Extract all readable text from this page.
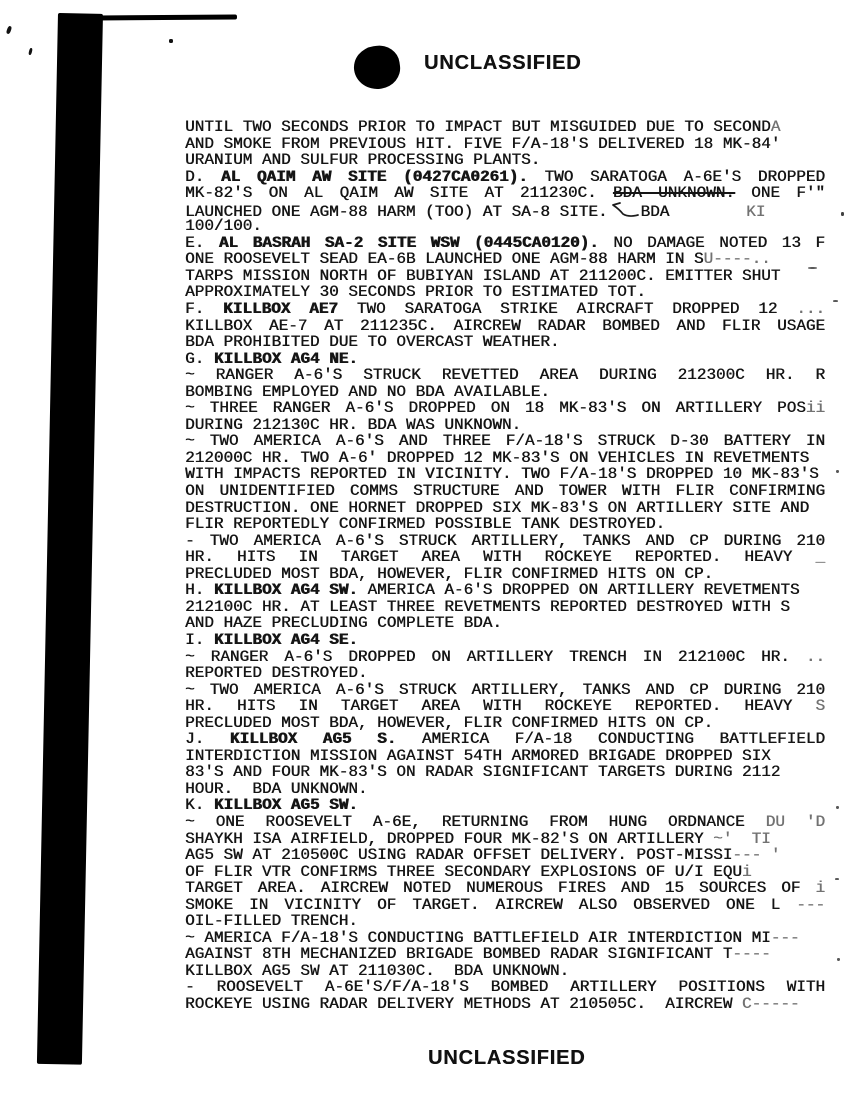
UNCLASSIFIED
UNTIL TWO SECONDS PRIOR TO IMPACT BUT MISGUIDED DUE TO SECONDA
AND SMOKE FROM PREVIOUS HIT. FIVE F/A-18'S DELIVERED 18 MK-84'
URANIUM AND SULFUR PROCESSING PLANTS.
D. AL QAIM AW SITE (0427CA0261). TWO SARATOGA A-6E'S DROPPED
MK-82'S ON AL QAIM AW SITE AT 211230C. BDA UNKNOWN. ONE F'"
LAUNCHED ONE AGM-88 HARM (TOO) AT SA-8 SITE. BDA        KI
100/100.
E. AL BASRAH SA-2 SITE WSW (0445CA0120). NO DAMAGE NOTED 13 F
ONE ROOSEVELT SEAD EA-6B LAUNCHED ONE AGM-88 HARM IN SU----..
TARPS MISSION NORTH OF BUBIYAN ISLAND AT 211200C. EMITTER SHUT
APPROXIMATELY 30 SECONDS PRIOR TO ESTIMATED TOT.
F. KILLBOX AE7 TWO SARATOGA STRIKE AIRCRAFT DROPPED 12 ...
KILLBOX AE-7 AT 211235C. AIRCREW RADAR BOMBED AND FLIR USAGE
BDA PROHIBITED DUE TO OVERCAST WEATHER.
G. KILLBOX AG4 NE.
~ RANGER A-6'S STRUCK REVETTED AREA DURING 212300C HR. R
BOMBING EMPLOYED AND NO BDA AVAILABLE.
~ THREE RANGER A-6'S DROPPED ON 18 MK-83'S ON ARTILLERY POSii
DURING 212130C HR. BDA WAS UNKNOWN.
~ TWO AMERICA A-6'S AND THREE F/A-18'S STRUCK D-30 BATTERY IN
212000C HR. TWO A-6' DROPPED 12 MK-83'S ON VEHICLES IN REVETMENTS
WITH IMPACTS REPORTED IN VICINITY. TWO F/A-18'S DROPPED 10 MK-83'S
ON UNIDENTIFIED COMMS STRUCTURE AND TOWER WITH FLIR CONFIRMING
DESTRUCTION. ONE HORNET DROPPED SIX MK-83'S ON ARTILLERY SITE AND
FLIR REPORTEDLY CONFIRMED POSSIBLE TANK DESTROYED.
- TWO AMERICA A-6'S STRUCK ARTILLERY, TANKS AND CP DURING 210
HR. HITS IN TARGET AREA WITH ROCKEYE REPORTED. HEAVY _
PRECLUDED MOST BDA, HOWEVER, FLIR CONFIRMED HITS ON CP.
H. KILLBOX AG4 SW. AMERICA A-6'S DROPPED ON ARTILLERY REVETMENTS
212100C HR. AT LEAST THREE REVETMENTS REPORTED DESTROYED WITH S
AND HAZE PRECLUDING COMPLETE BDA.
I. KILLBOX AG4 SE.
~ RANGER A-6'S DROPPED ON ARTILLERY TRENCH IN 212100C HR. ..
REPORTED DESTROYED.
~ TWO AMERICA A-6'S STRUCK ARTILLERY, TANKS AND CP DURING 210
HR. HITS IN TARGET AREA WITH ROCKEYE REPORTED. HEAVY S
PRECLUDED MOST BDA, HOWEVER, FLIR CONFIRMED HITS ON CP.
J. KILLBOX AG5 S. AMERICA F/A-18 CONDUCTING BATTLEFIELD
INTERDICTION MISSION AGAINST 54TH ARMORED BRIGADE DROPPED SIX
83'S AND FOUR MK-83'S ON RADAR SIGNIFICANT TARGETS DURING 2112
HOUR.  BDA UNKNOWN.
K. KILLBOX AG5 SW.
~ ONE ROOSEVELT A-6E, RETURNING FROM HUNG ORDNANCE DU 'D
SHAYKH ISA AIRFIELD, DROPPED FOUR MK-82'S ON ARTILLERY ~'  TI
AG5 SW AT 210500C USING RADAR OFFSET DELIVERY. POST-MISSI--- '
OF FLIR VTR CONFIRMS THREE SECONDARY EXPLOSIONS OF U/I EQUi
TARGET AREA. AIRCREW NOTED NUMEROUS FIRES AND 15 SOURCES OF i
SMOKE IN VICINITY OF TARGET. AIRCREW ALSO OBSERVED ONE L ---
OIL-FILLED TRENCH.
~ AMERICA F/A-18'S CONDUCTING BATTLEFIELD AIR INTERDICTION MI---
AGAINST 8TH MECHANIZED BRIGADE BOMBED RADAR SIGNIFICANT T----
KILLBOX AG5 SW AT 211030C.  BDA UNKNOWN.
- ROOSEVELT A-6E'S/F/A-18'S BOMBED ARTILLERY POSITIONS WITH
ROCKEYE USING RADAR DELIVERY METHODS AT 210505C.  AIRCREW C-----
UNCLASSIFIED
